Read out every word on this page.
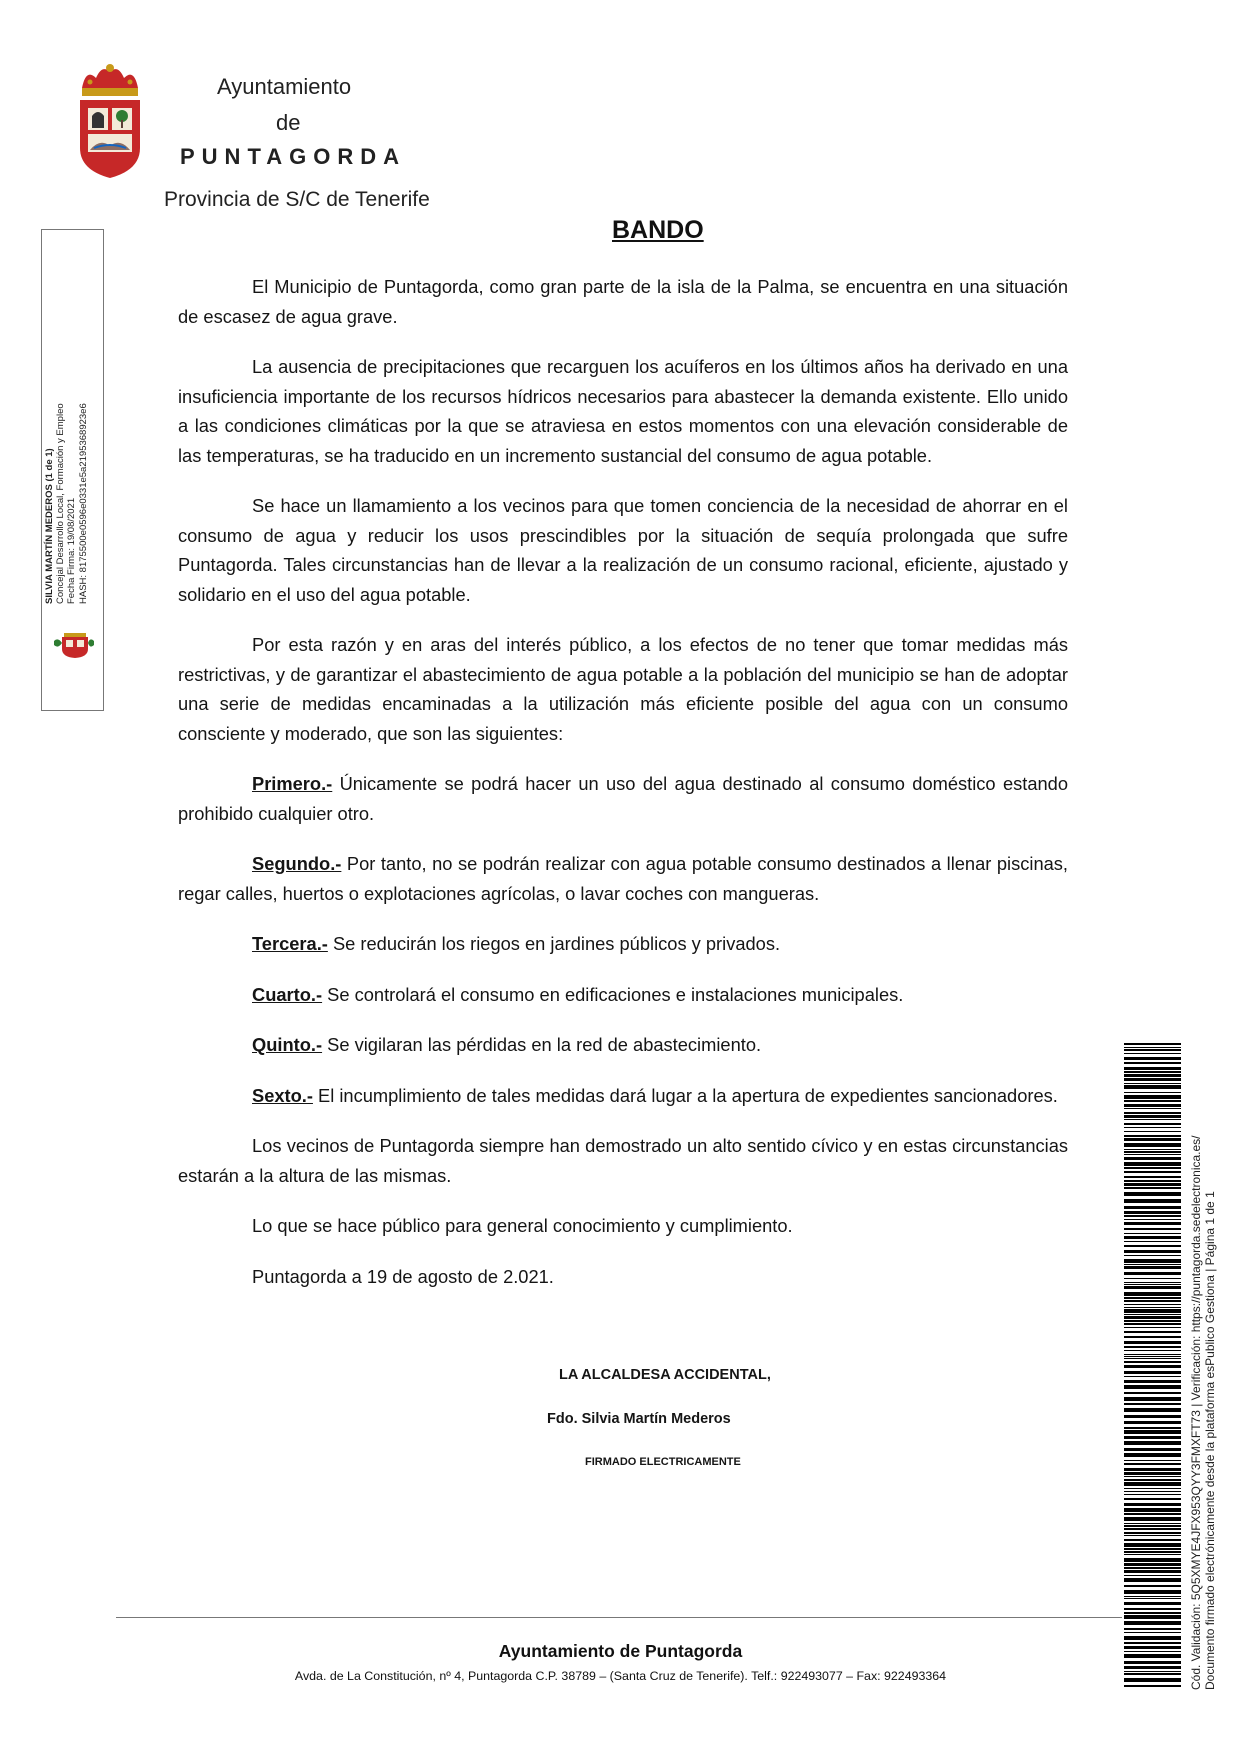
Ayuntamiento
de
PUNTAGORDA
Provincia de S/C de Tenerife
BANDO

El Municipio de Puntagorda, como gran parte de la isla de la Palma, se encuentra en una situación de escasez de agua grave.

La ausencia de precipitaciones que recarguen los acuíferos en los últimos años ha derivado en una insuficiencia importante de los recursos hídricos necesarios para abastecer la demanda existente. Ello unido a las condiciones climáticas por la que se atraviesa en estos momentos con una elevación considerable de las temperaturas, se ha traducido en un incremento sustancial del consumo de agua potable.

Se hace un llamamiento a los vecinos para que tomen conciencia de la necesidad de ahorrar en el consumo de agua y reducir los usos prescindibles por la situación de sequía prolongada que sufre Puntagorda. Tales circunstancias han de llevar a la realización de un consumo racional, eficiente, ajustado y solidario en el uso del agua potable.

Por esta razón y en aras del interés público, a los efectos de no tener que tomar medidas más restrictivas, y de garantizar el abastecimiento de agua potable a la población del municipio se han de adoptar una serie de medidas encaminadas a la utilización más eficiente posible del agua con un consumo consciente y moderado, que son las siguientes:

Primero.- Únicamente se podrá hacer un uso del agua destinado al consumo doméstico estando prohibido cualquier otro.

Segundo.- Por tanto, no se podrán realizar con agua potable consumo destinados a llenar piscinas, regar calles, huertos o explotaciones agrícolas, o lavar coches con mangueras.

Tercera.- Se reducirán los riegos en jardines públicos y privados.

Cuarto.- Se controlará el consumo en edificaciones e instalaciones municipales.

Quinto.- Se vigilaran las pérdidas en la red de abastecimiento.

Sexto.- El incumplimiento de tales medidas dará lugar a la apertura de expedientes sancionadores.

Los vecinos de Puntagorda siempre han demostrado un alto sentido cívico y en estas circunstancias estarán a la altura de las mismas.

Lo que se hace público para general conocimiento y cumplimiento.

Puntagorda a 19 de agosto de 2.021.

LA ALCALDESA ACCIDENTAL,
Fdo. Silvia Martín Mederos
FIRMADO ELECTRICAMENTE
SILVIA MARTÍN MEDEROS (1 de 1) Concejal Desarrollo Local, Formación y Empleo Fecha Firma: 19/08/2021 HASH: 8175500e0596e0331e5a2195368923e6
Cód. Validación: 5Q5XMYE4JFX953QYY3FMXFT73 | Verificación: https://puntagorda.sedelectronica.es/ Documento firmado electrónicamente desde la plataforma esPublico Gestiona | Página 1 de 1
Ayuntamiento de Puntagorda
Avda. de La Constitución, nº 4, Puntagorda C.P. 38789 – (Santa Cruz de Tenerife). Telf.: 922493077 – Fax: 922493364
